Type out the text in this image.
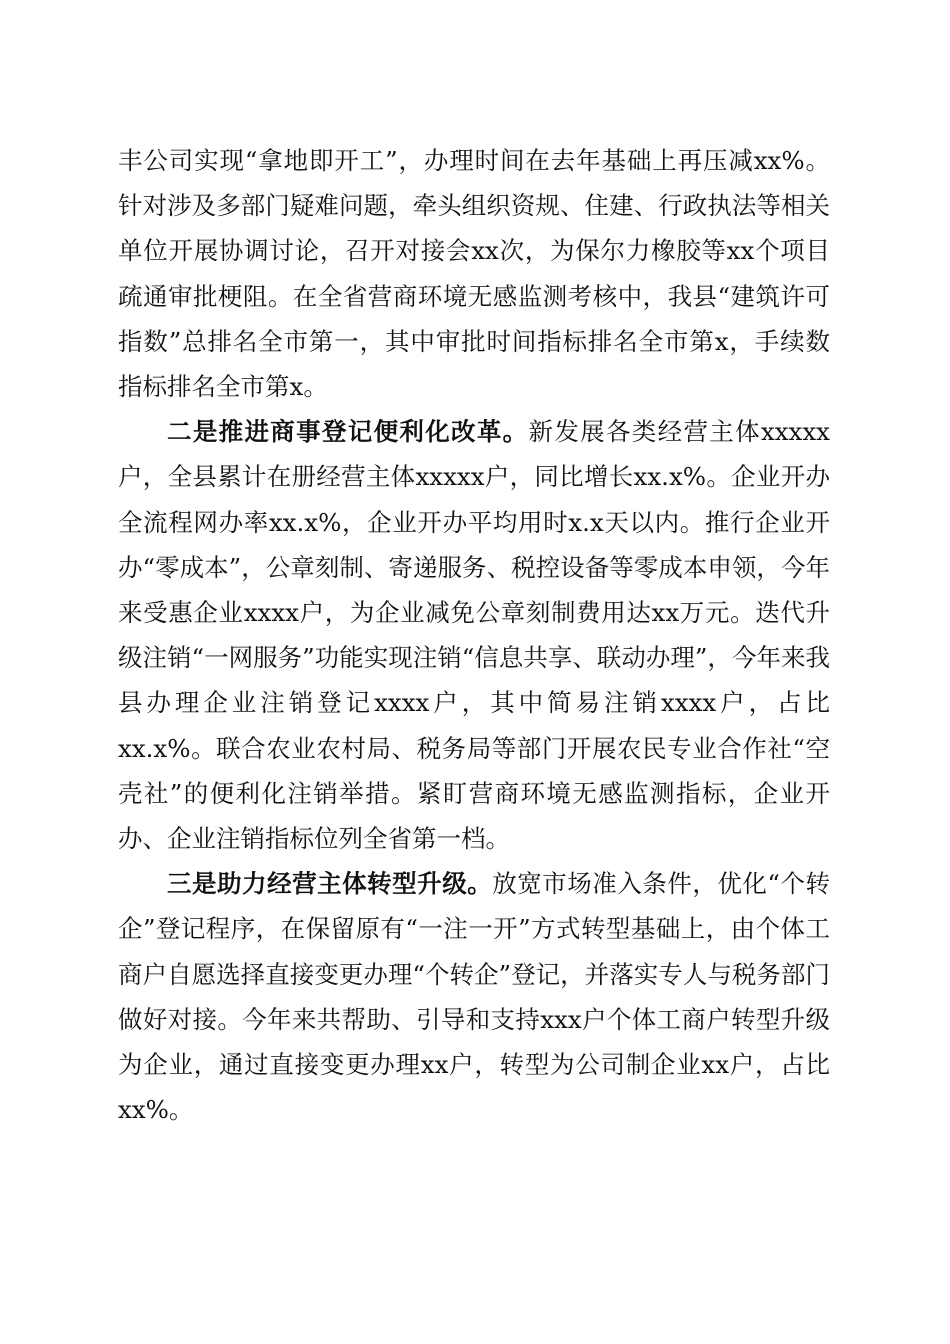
丰公司实现“拿地即开工”，办理时间在去年基础上再压减xx%。针对涉及多部门疑难问题，牵头组织资规、住建、行政执法等相关单位开展协调讨论，召开对接会xx次，为保尔力橡胶等xx个项目疏通审批梗阻。在全省营商环境无感监测考核中，我县“建筑许可指数”总排名全市第一，其中审批时间指标排名全市第x，手续数指标排名全市第x。

二是推进商事登记便利化改革。新发展各类经营主体xxxxx户，全县累计在册经营主体xxxxx户，同比增长xx.x%。企业开办全流程网办率xx.x%，企业开办平均用时x.x天以内。推行企业开办“零成本”，公章刻制、寄递服务、税控设备等零成本申领，今年来受惠企业xxxx户，为企业减免公章刻制费用达xx万元。迭代升级注销“一网服务”功能实现注销“信息共享、联动办理”，今年来我县办理企业注销登记xxxx户，其中简易注销xxxx户，占比xx.x%。联合农业农村局、税务局等部门开展农民专业合作社“空壳社”的便利化注销举措。紧盯营商环境无感监测指标，企业开办、企业注销指标位列全省第一档。

三是助力经营主体转型升级。放宽市场准入条件，优化“个转企”登记程序，在保留原有“一注一开”方式转型基础上，由个体工商户自愿选择直接变更办理“个转企”登记，并落实专人与税务部门做好对接。今年来共帮助、引导和支持xxx户个体工商户转型升级为企业，通过直接变更办理xx户，转型为公司制企业xx户，占比xx%。
